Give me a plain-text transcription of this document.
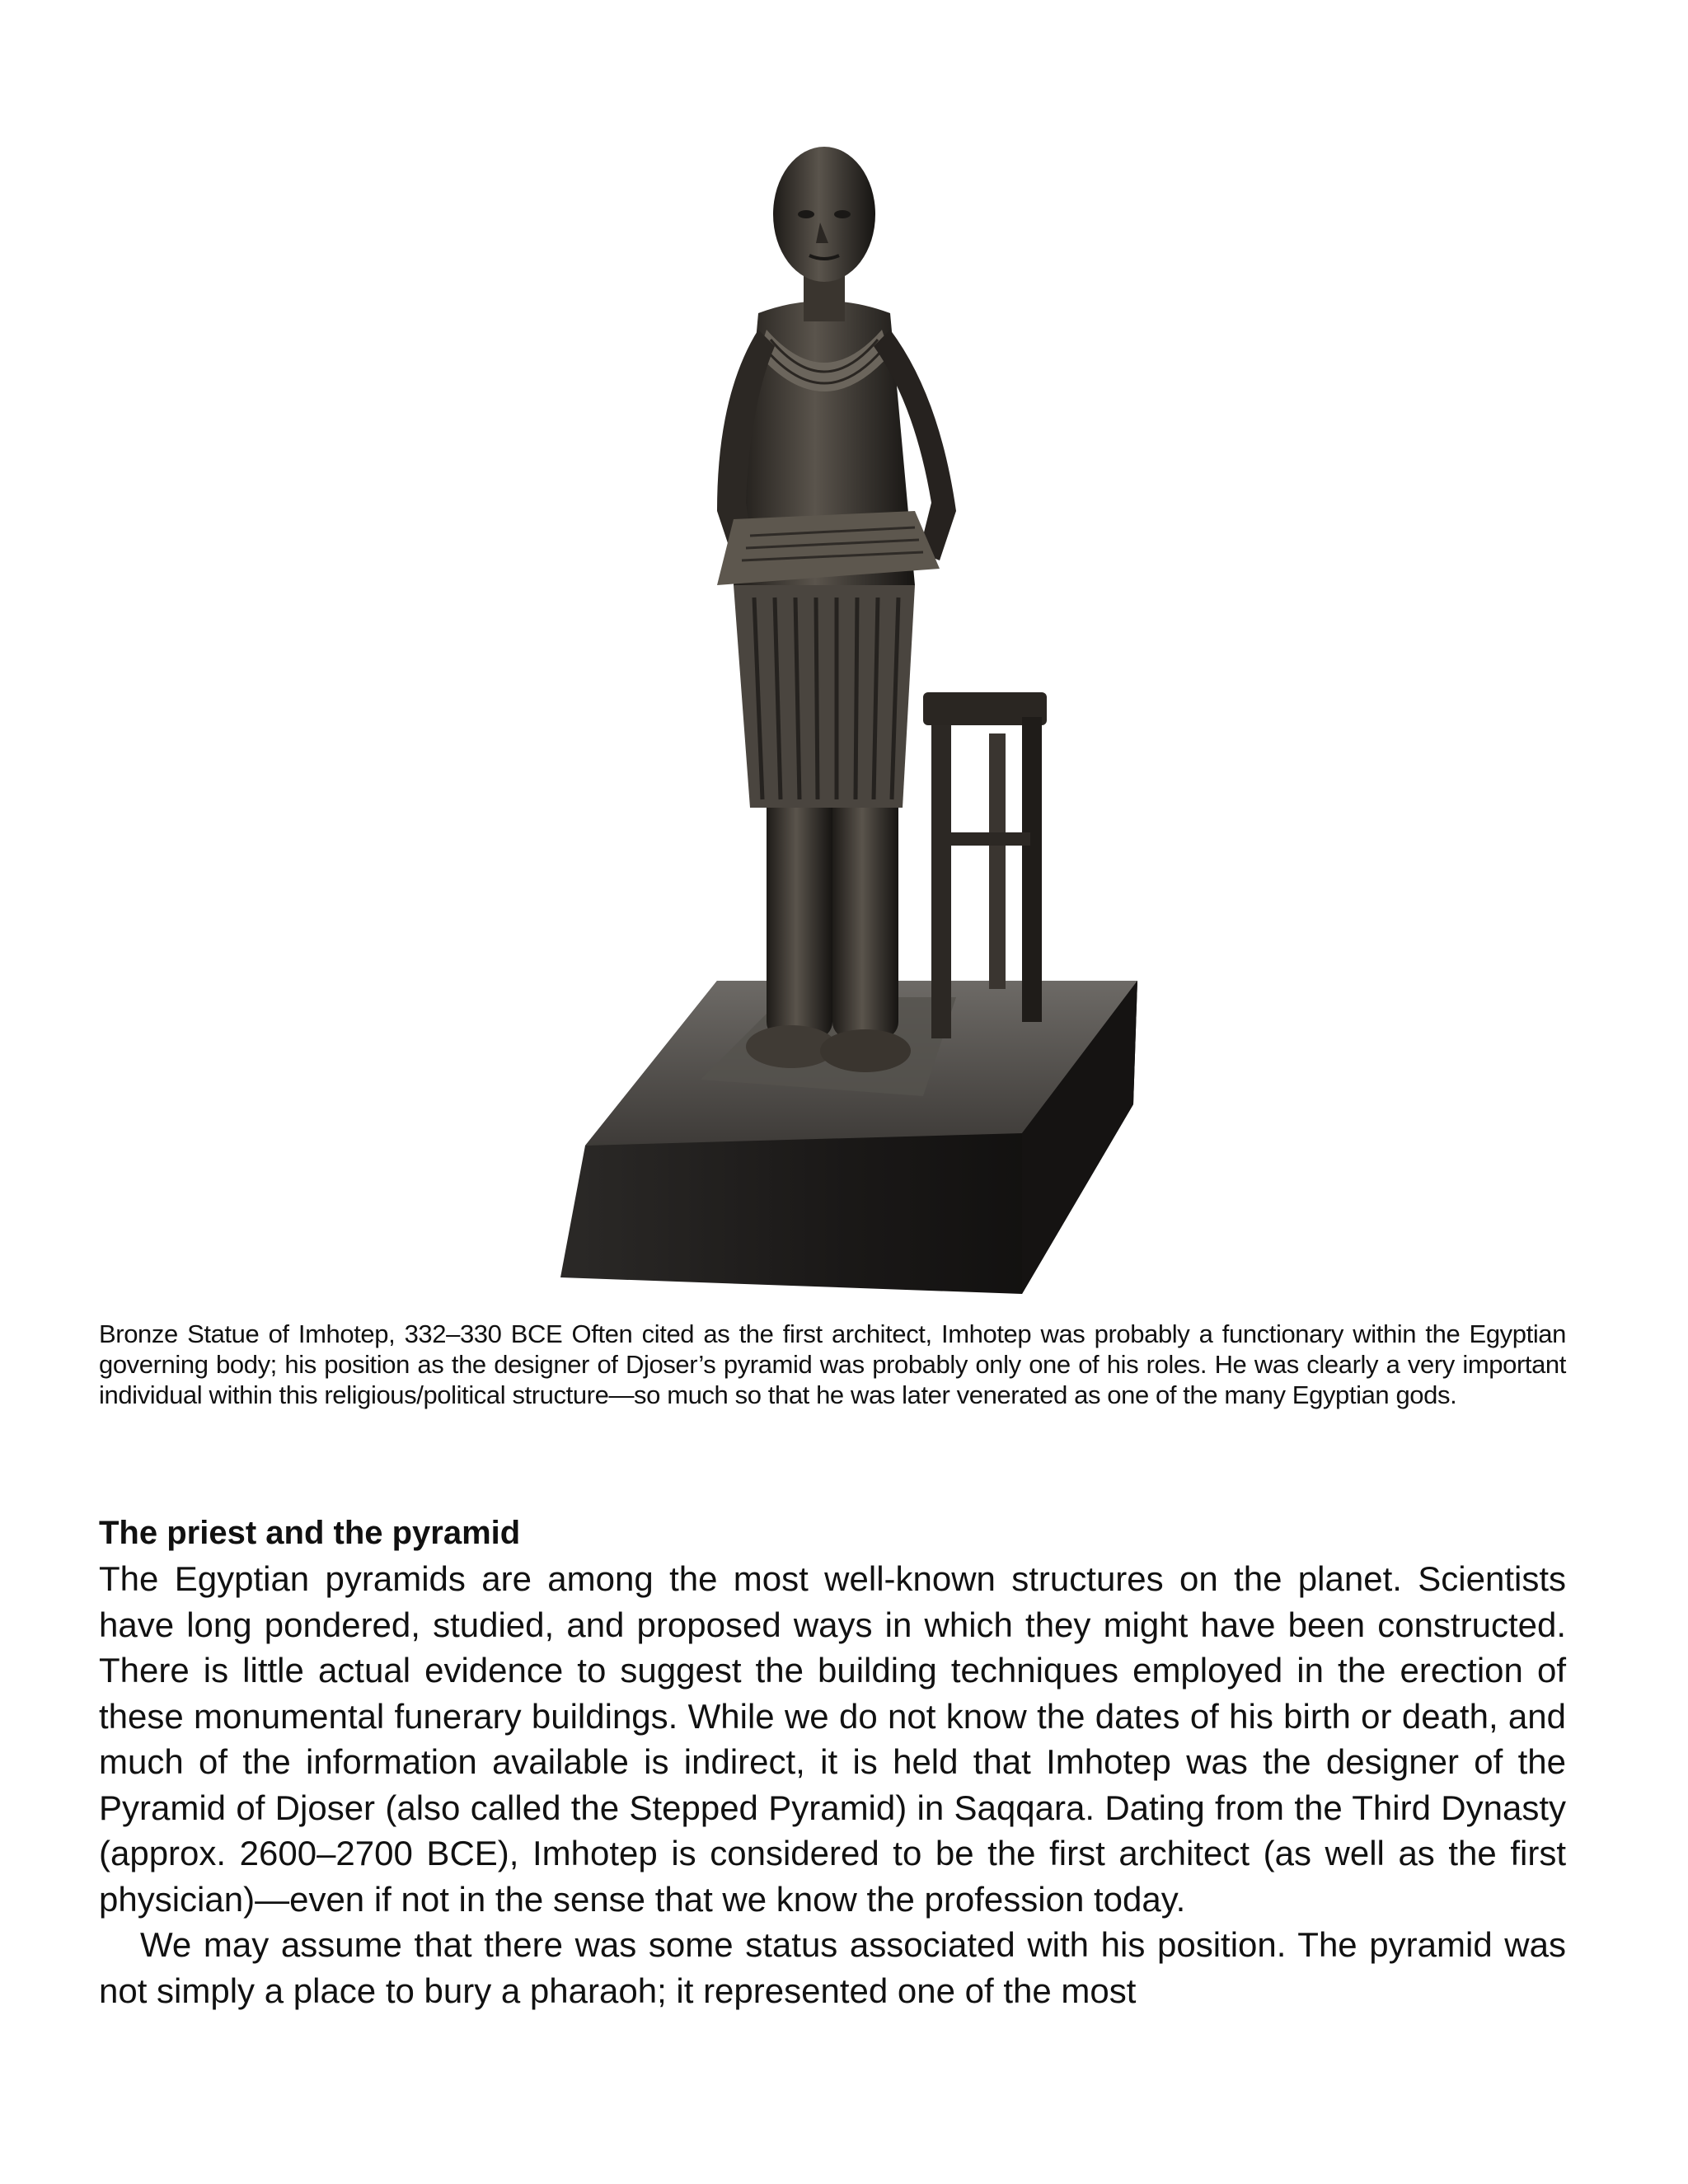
Bronze Statue of Imhotep, 332–330 BCE Often cited as the first architect, Imhotep was probably a functionary within the Egyptian governing body; his position as the designer of Djoser’s pyramid was probably only one of his roles. He was clearly a very important individual within this religious/political structure—so much so that he was later venerated as one of the many Egyptian gods.

The priest and the pyramid

The Egyptian pyramids are among the most well-known structures on the planet. Scientists have long pondered, studied, and proposed ways in which they might have been constructed. There is little actual evidence to suggest the building techniques employed in the erection of these monumental funerary buildings. While we do not know the dates of his birth or death, and much of the information available is indirect, it is held that Imhotep was the designer of the Pyramid of Djoser (also called the Stepped Pyramid) in Saqqara. Dating from the Third Dynasty (approx. 2600–2700 BCE), Imhotep is considered to be the first architect (as well as the first physician)—even if not in the sense that we know the profession today.

We may assume that there was some status associated with his position. The pyramid was not simply a place to bury a pharaoh; it represented one of the most
